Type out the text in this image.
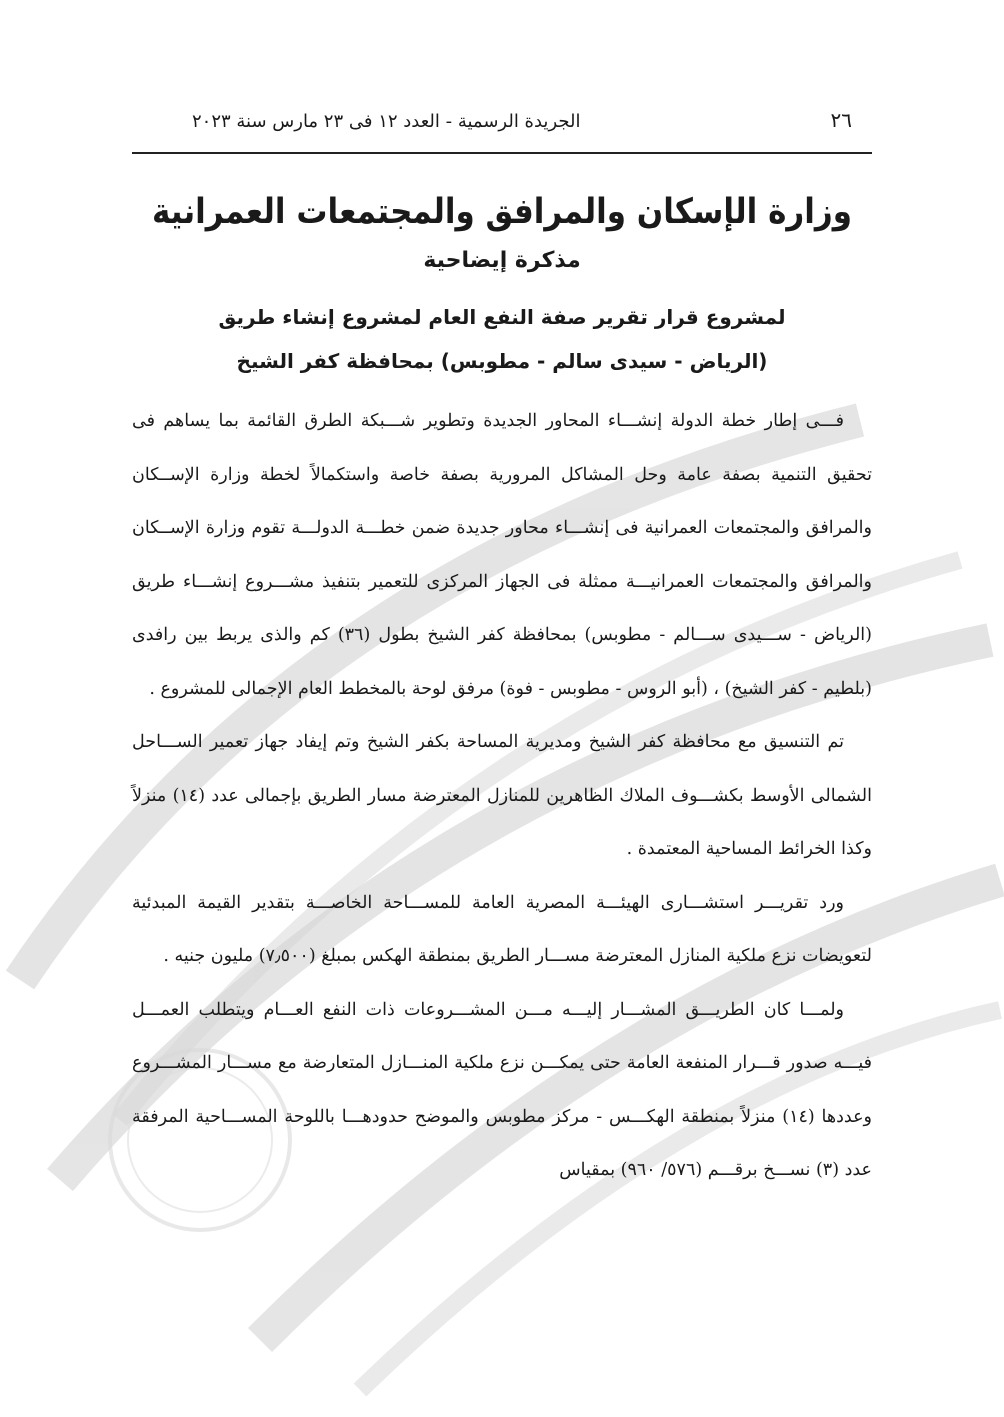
٢٦
الجريدة الرسمية - العدد ١٢ فى ٢٣ مارس سنة ٢٠٢٣
وزارة الإسكان والمرافق والمجتمعات العمرانية
مذكرة إيضاحية
لمشروع قرار تقرير صفة النفع العام لمشروع إنشاء طريق
(الرياض - سيدى سالم - مطوبس) بمحافظة كفر الشيخ

فـــى إطار خطة الدولة إنشـــاء المحاور الجديدة وتطوير شـــبكة الطرق القائمة بما يساهم فى تحقيق التنمية بصفة عامة وحل المشاكل المرورية بصفة خاصة واستكمالاً لخطة وزارة الإســكان والمرافق والمجتمعات العمرانية فى إنشـــاء محاور جديدة ضمن خطـــة الدولـــة تقوم وزارة الإســكان والمرافق والمجتمعات العمرانيـــة ممثلة فى الجهاز المركزى للتعمير بتنفيذ مشـــروع إنشـــاء طريق (الرياض - ســـيدى ســـالم - مطوبس) بمحافظة كفر الشيخ بطول (٣٦) كم والذى يربط بين رافدى (بلطيم - كفر الشيخ) ، (أبو الروس - مطوبس - فوة) مرفق لوحة بالمخطط العام الإجمالى للمشروع .

تم التنسيق مع محافظة كفر الشيخ ومديرية المساحة بكفر الشيخ وتم إيفاد جهاز تعمير الســـاحل الشمالى الأوسط بكشـــوف الملاك الظاهرين للمنازل المعترضة مسار الطريق بإجمالى عدد (١٤) منزلاً وكذا الخرائط المساحية المعتمدة .

ورد تقريـــر استشـــارى الهيئـــة المصرية العامة للمســـاحة الخاصـــة بتقدير القيمة المبدئية لتعويضات نزع ملكية المنازل المعترضة مســـار الطريق بمنطقة الهكس بمبلغ (٧٫٥٠٠) مليون جنيه .

ولمـــا كان الطريـــق المشـــار إليـــه مـــن المشـــروعات ذات النفع العـــام ويتطلب العمـــل فيـــه صدور قـــرار المنفعة العامة حتى يمكـــن نزع ملكية المنـــازل المتعارضة مع مســـار المشـــروع وعددها (١٤) منزلاً بمنطقة الهكـــس - مركز مطوبس والموضح حدودهـــا باللوحة المســـاحية المرفقة عدد (٣) نســـخ برقـــم (٥٧٦/ ٩٦٠) بمقياس
